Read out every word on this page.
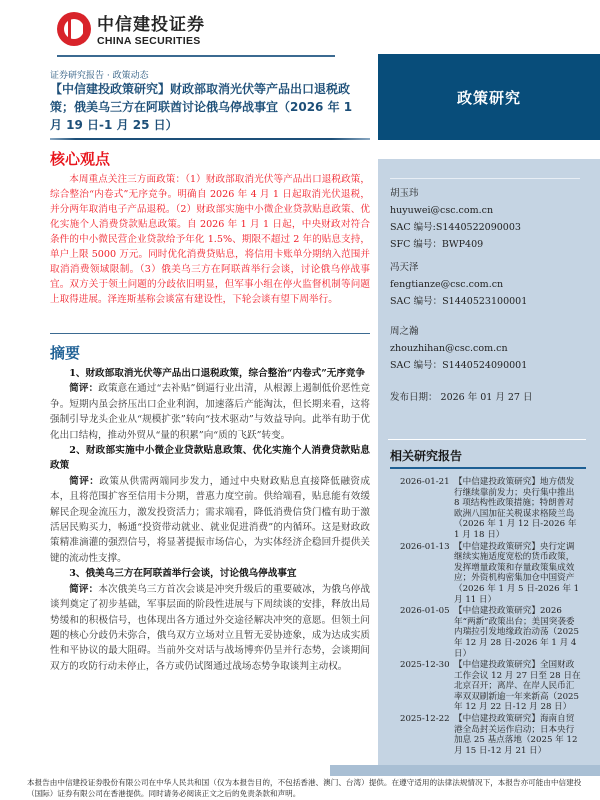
中信建投证券
CHINA SECURITIES
证券研究报告 · 政策动态
【中信建投政策研究】财政部取消光伏等产品出口退税政策；俄美乌三方在阿联酋讨论俄乌停战事宜（2026 年 1 月 19 日-1 月 25 日）
政策研究
核心观点
本周重点关注三方面政策：（1）财政部取消光伏等产品出口退税政策，综合整治“内卷式”无序竞争。明确自 2026 年 4 月 1 日起取消光伏退税，并分两年取消电子产品退税。（2）财政部实施中小微企业贷款贴息政策、优化实施个人消费贷款贴息政策。自 2026 年 1 月 1 日起，中央财政对符合条件的中小微民营企业贷款给予年化 1.5%、期限不超过 2 年的贴息支持，单户上限 5000 万元。同时优化消费贷贴息，将信用卡账单分期纳入范围并取消消费领域限制。（3）俄美乌三方在阿联酋举行会谈，讨论俄乌停战事宜。双方关于领土问题的分歧依旧明显，但军事小组在停火监督机制等问题上取得进展。泽连斯基称会谈富有建设性，下轮会谈有望下周举行。
摘要

1、财政部取消光伏等产品出口退税政策，综合整治“内卷式”无序竞争

简评：政策意在通过“去补贴”倒逼行业出清，从根源上遏制低价恶性竞争。短期内虽会挤压出口企业利润，加速落后产能淘汰，但长期来看，这将强制引导龙头企业从“规模扩张”转向“技术驱动”与效益导向。此举有助于优化出口结构，推动外贸从“量的积累”向“质的飞跃”转变。

2、财政部实施中小微企业贷款贴息政策、优化实施个人消费贷款贴息政策

简评：政策从供需两端同步发力，通过中央财政贴息直接降低融资成本，且将范围扩容至信用卡分期，普惠力度空前。供给端看，贴息能有效缓解民企现金流压力，激发投资活力；需求端看，降低消费信贷门槛有助于激活居民购买力，畅通“投资带动就业、就业促进消费”的内循环。这是财政政策精准滴灌的强烈信号，将显著提振市场信心，为实体经济企稳回升提供关键的流动性支撑。

3、俄美乌三方在阿联酋举行会谈，讨论俄乌停战事宜

简评：本次俄美乌三方首次会谈是冲突升级后的重要破冰，为俄乌停战谈判奠定了初步基础，军事层面的阶段性进展与下周续谈的安排，释放出局势缓和的积极信号，也体现出各方通过外交途径解决冲突的意愿。但领土问题的核心分歧仍未弥合，俄乌双方立场对立且暂无妥协迹象，成为达成实质性和平协议的最大阻碍。当前外交对话与战场博弈仍呈并行态势，会谈期间双方的攻防行动未停止，各方或仍试图通过战场态势争取谈判主动权。

胡玉玮
huyuwei@csc.com.cn
SAC 编号:S1440522090003
SFC 编号：BWP409
冯天泽
fengtianze@csc.com.cn
SAC 编号：S1440523100001
周之瀚
zhouzhihan@csc.com.cn
SAC 编号：S1440524090001
发布日期： 2026 年 01 月 27 日
相关研究报告
2026-01-21 【中信建投政策研究】地方债发行继续靠前发力；央行集中推出 8 项结构性政策措施；特朗普对欧洲八国加征关税谋求格陵兰岛（2026 年 1 月 12 日-2026 年 1 月 18 日）
2026-01-13 【中信建投政策研究】央行定调继续实施适度宽松的货币政策，发挥增量政策和存量政策集成效应；外资机构密集加仓中国资产（2026 年 1 月 5 日-2026 年 1 月 11 日）
2026-01-05 【中信建投政策研究】2026 年“两新”政策出台；美国突袭委内瑞拉引发地缘政治动荡（2025 年 12 月 28 日-2026 年 1 月 4 日）
2025-12-30 【中信建投政策研究】全国财政工作会议 12 月 27 日至 28 日在北京召开；离岸、在岸人民币汇率双双刷新逾一年来新高（2025 年 12 月 22 日-12 月 28 日）
2025-12-22 【中信建投政策研究】海南自贸港全岛封关运作启动；日本央行加息 25 基点落地（2025 年 12 月 15 日-12 月 21 日）
本报告由中信建投证券股份有限公司在中华人民共和国（仅为本报告目的，不包括香港、澳门、台湾）提供。在遵守适用的法律法规情况下，本报告亦可能由中信建投（国际）证券有限公司在香港提供。同时请务必阅读正文之后的免责条款和声明。
